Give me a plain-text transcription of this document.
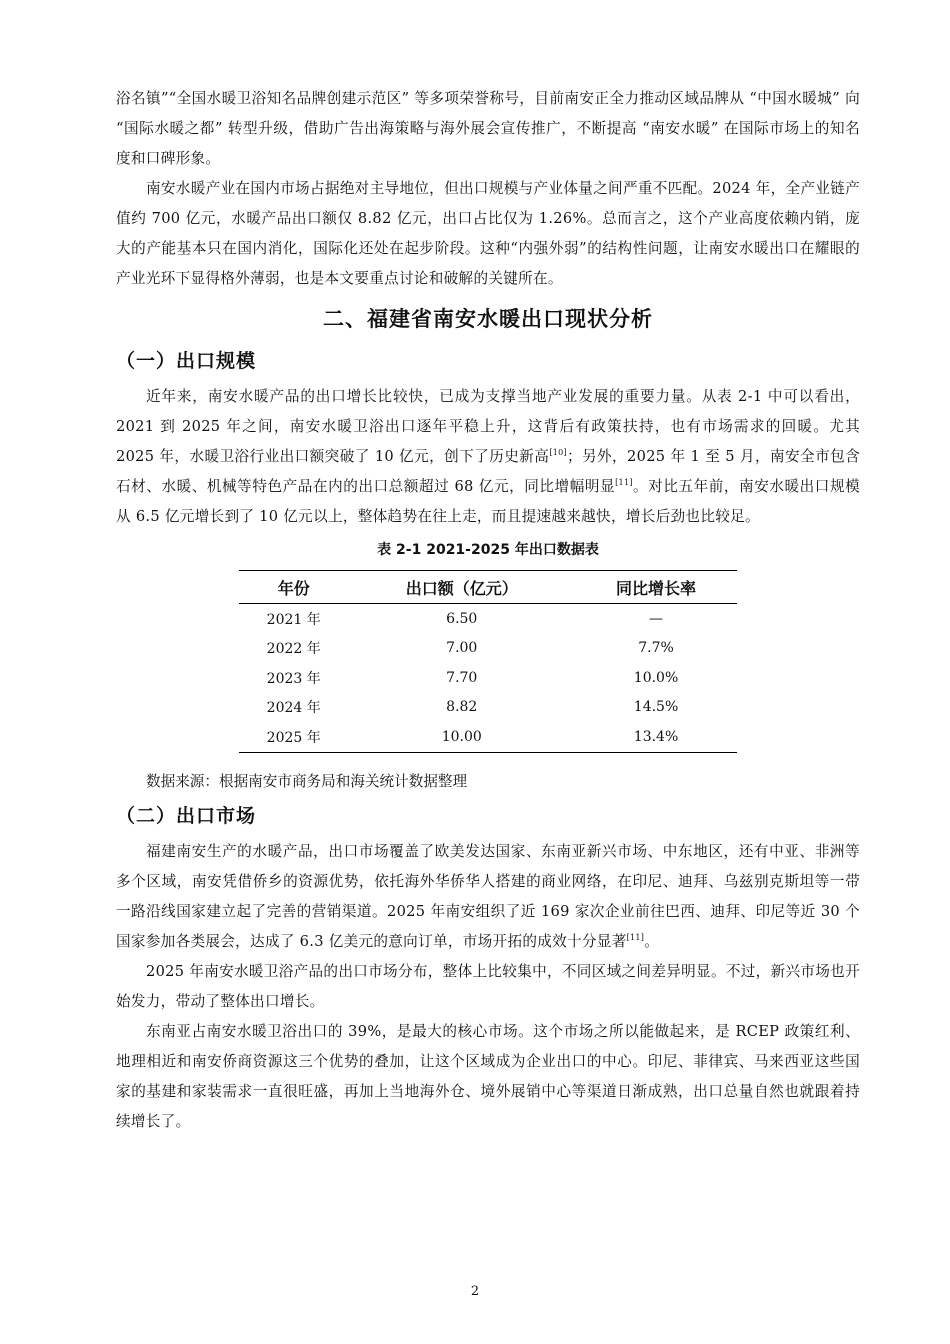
浴名镇”“全国水暖卫浴知名品牌创建示范区” 等多项荣誉称号，目前南安正全力推动区域品牌从 “中国水暖城” 向 “国际水暖之都” 转型升级，借助广告出海策略与海外展会宣传推广，不断提高 “南安水暖” 在国际市场上的知名度和口碑形象。

南安水暖产业在国内市场占据绝对主导地位，但出口规模与产业体量之间严重不匹配。2024 年，全产业链产值约 700 亿元，水暖产品出口额仅 8.82 亿元，出口占比仅为 1.26%。总而言之，这个产业高度依赖内销，庞大的产能基本只在国内消化，国际化还处在起步阶段。这种“内强外弱”的结构性问题，让南安水暖出口在耀眼的产业光环下显得格外薄弱，也是本文要重点讨论和破解的关键所在。

二、福建省南安水暖出口现状分析
（一）出口规模

近年来，南安水暖产品的出口增长比较快，已成为支撑当地产业发展的重要力量。从表 2-1 中可以看出，2021 到 2025 年之间，南安水暖卫浴出口逐年平稳上升，这背后有政策扶持，也有市场需求的回暖。尤其 2025 年，水暖卫浴行业出口额突破了 10 亿元，创下了历史新高[10]；另外，2025 年 1 至 5 月，南安全市包含石材、水暖、机械等特色产品在内的出口总额超过 68 亿元，同比增幅明显[11]。对比五年前，南安水暖出口规模从 6.5 亿元增长到了 10 亿元以上，整体趋势在往上走，而且提速越来越快，增长后劲也比较足。

表 2-1 2021-2025 年出口数据表
年份	出口额（亿元）	同比增长率
2021 年	6.50	—
2022 年	7.00	7.7%
2023 年	7.70	10.0%
2024 年	8.82	14.5%
2025 年	10.00	13.4%
数据来源：根据南安市商务局和海关统计数据整理
（二）出口市场

福建南安生产的水暖产品，出口市场覆盖了欧美发达国家、东南亚新兴市场、中东地区，还有中亚、非洲等多个区域，南安凭借侨乡的资源优势，依托海外华侨华人搭建的商业网络，在印尼、迪拜、乌兹别克斯坦等一带一路沿线国家建立起了完善的营销渠道。2025 年南安组织了近 169 家次企业前往巴西、迪拜、印尼等近 30 个国家参加各类展会，达成了 6.3 亿美元的意向订单，市场开拓的成效十分显著[11]。

2025 年南安水暖卫浴产品的出口市场分布，整体上比较集中，不同区域之间差异明显。不过，新兴市场也开始发力，带动了整体出口增长。

东南亚占南安水暖卫浴出口的 39%，是最大的核心市场。这个市场之所以能做起来，是 RCEP 政策红利、地理相近和南安侨商资源这三个优势的叠加，让这个区域成为企业出口的中心。印尼、菲律宾、马来西亚这些国家的基建和家装需求一直很旺盛，再加上当地海外仓、境外展销中心等渠道日渐成熟，出口总量自然也就跟着持续增长了。

2
